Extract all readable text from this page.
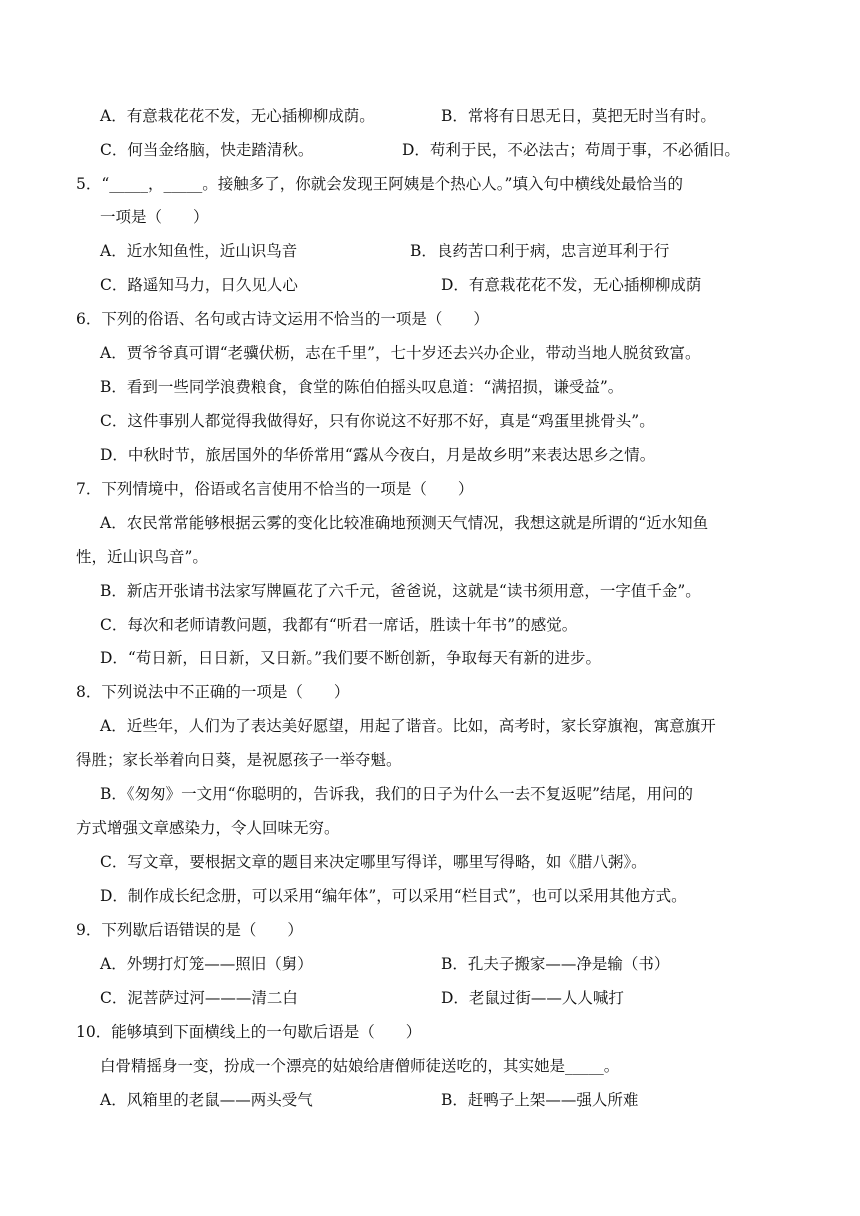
A．有意栽花花不发，无心插柳柳成荫。	B．常将有日思无日，莫把无时当有时。
C．何当金络脑，快走踏清秋。	D．苟利于民，不必法古；苟周于事，不必循旧。
5．“_____，_____。接触多了，你就会发现王阿姨是个热心人。”填入句中横线处最恰当的
一项是（　　）
A．近水知鱼性，近山识鸟音	B．良药苦口利于病，忠言逆耳利于行
C．路遥知马力，日久见人心	D．有意栽花花不发，无心插柳柳成荫
6．下列的俗语、名句或古诗文运用不恰当的一项是（　　）
A．贾爷爷真可谓“老骥伏枥，志在千里”，七十岁还去兴办企业，带动当地人脱贫致富。
B．看到一些同学浪费粮食，食堂的陈伯伯摇头叹息道：“满招损，谦受益”。
C．这件事别人都觉得我做得好，只有你说这不好那不好，真是“鸡蛋里挑骨头”。
D．中秋时节，旅居国外的华侨常用“露从今夜白，月是故乡明”来表达思乡之情。
7．下列情境中，俗语或名言使用不恰当的一项是（　　）
A．农民常常能够根据云雾的变化比较准确地预测天气情况，我想这就是所谓的“近水知鱼
性，近山识鸟音”。
B．新店开张请书法家写牌匾花了六千元，爸爸说，这就是“读书须用意，一字值千金”。
C．每次和老师请教问题，我都有“听君一席话，胜读十年书”的感觉。
D．“苟日新，日日新，又日新。”我们要不断创新，争取每天有新的进步。
8．下列说法中不正确的一项是（　　）
A．近些年，人们为了表达美好愿望，用起了谐音。比如，高考时，家长穿旗袍，寓意旗开
得胜；家长举着向日葵，是祝愿孩子一举夺魁。
B．《匆匆》一文用“你聪明的，告诉我，我们的日子为什么一去不复返呢”结尾，用问的
方式增强文章感染力，令人回味无穷。
C．写文章，要根据文章的题目来决定哪里写得详，哪里写得略，如《腊八粥》。
D．制作成长纪念册，可以采用“编年体”，可以采用“栏目式”，也可以采用其他方式。
9．下列歇后语错误的是（　　）
A．外甥打灯笼——照旧（舅）	B．孔夫子搬家——净是输（书）
C．泥菩萨过河———清二白	D．老鼠过街——人人喊打
10．能够填到下面横线上的一句歇后语是（　　）
白骨精摇身一变，扮成一个漂亮的姑娘给唐僧师徒送吃的，其实她是_____。
A．风箱里的老鼠——两头受气	B．赶鸭子上架——强人所难
